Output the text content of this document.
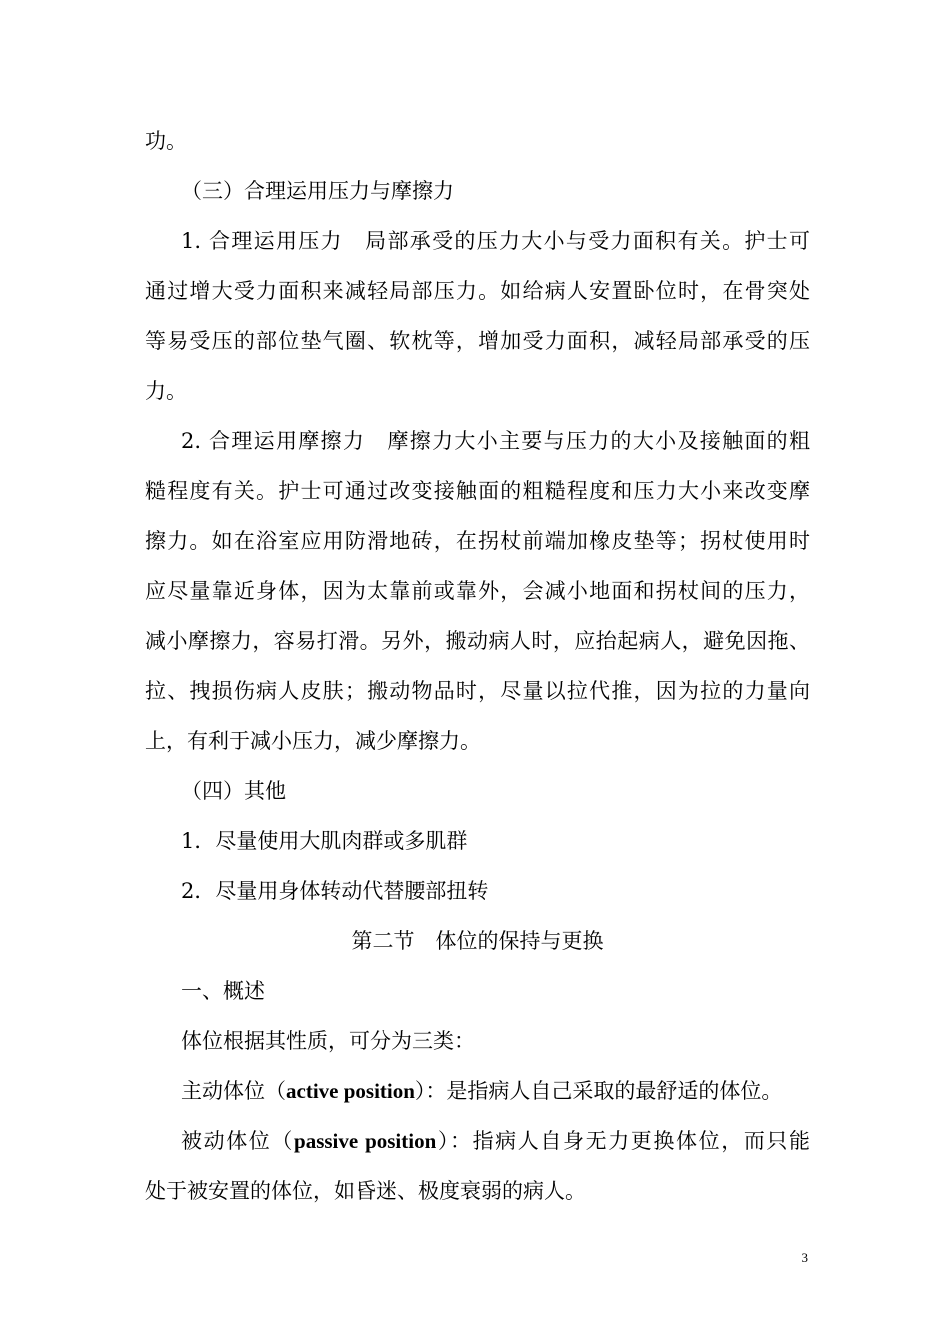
功。
（三）合理运用压力与摩擦力
1. 合理运用压力　局部承受的压力大小与受力面积有关。护士可
通过增大受力面积来减轻局部压力。如给病人安置卧位时，在骨突处
等易受压的部位垫气圈、软枕等，增加受力面积，减轻局部承受的压
力。
2. 合理运用摩擦力　摩擦力大小主要与压力的大小及接触面的粗
糙程度有关。护士可通过改变接触面的粗糙程度和压力大小来改变摩
擦力。如在浴室应用防滑地砖，在拐杖前端加橡皮垫等；拐杖使用时
应尽量靠近身体，因为太靠前或靠外，会减小地面和拐杖间的压力，
减小摩擦力，容易打滑。另外，搬动病人时，应抬起病人，避免因拖、
拉、拽损伤病人皮肤；搬动物品时，尽量以拉代推，因为拉的力量向
上，有利于减小压力，减少摩擦力。
（四）其他
1．尽量使用大肌肉群或多肌群
2．尽量用身体转动代替腰部扭转
第二节　体位的保持与更换
一、概述
体位根据其性质，可分为三类：
主动体位（active position）：是指病人自己采取的最舒适的体位。
被动体位（passive position）：指病人自身无力更换体位，而只能
处于被安置的体位，如昏迷、极度衰弱的病人。
3
